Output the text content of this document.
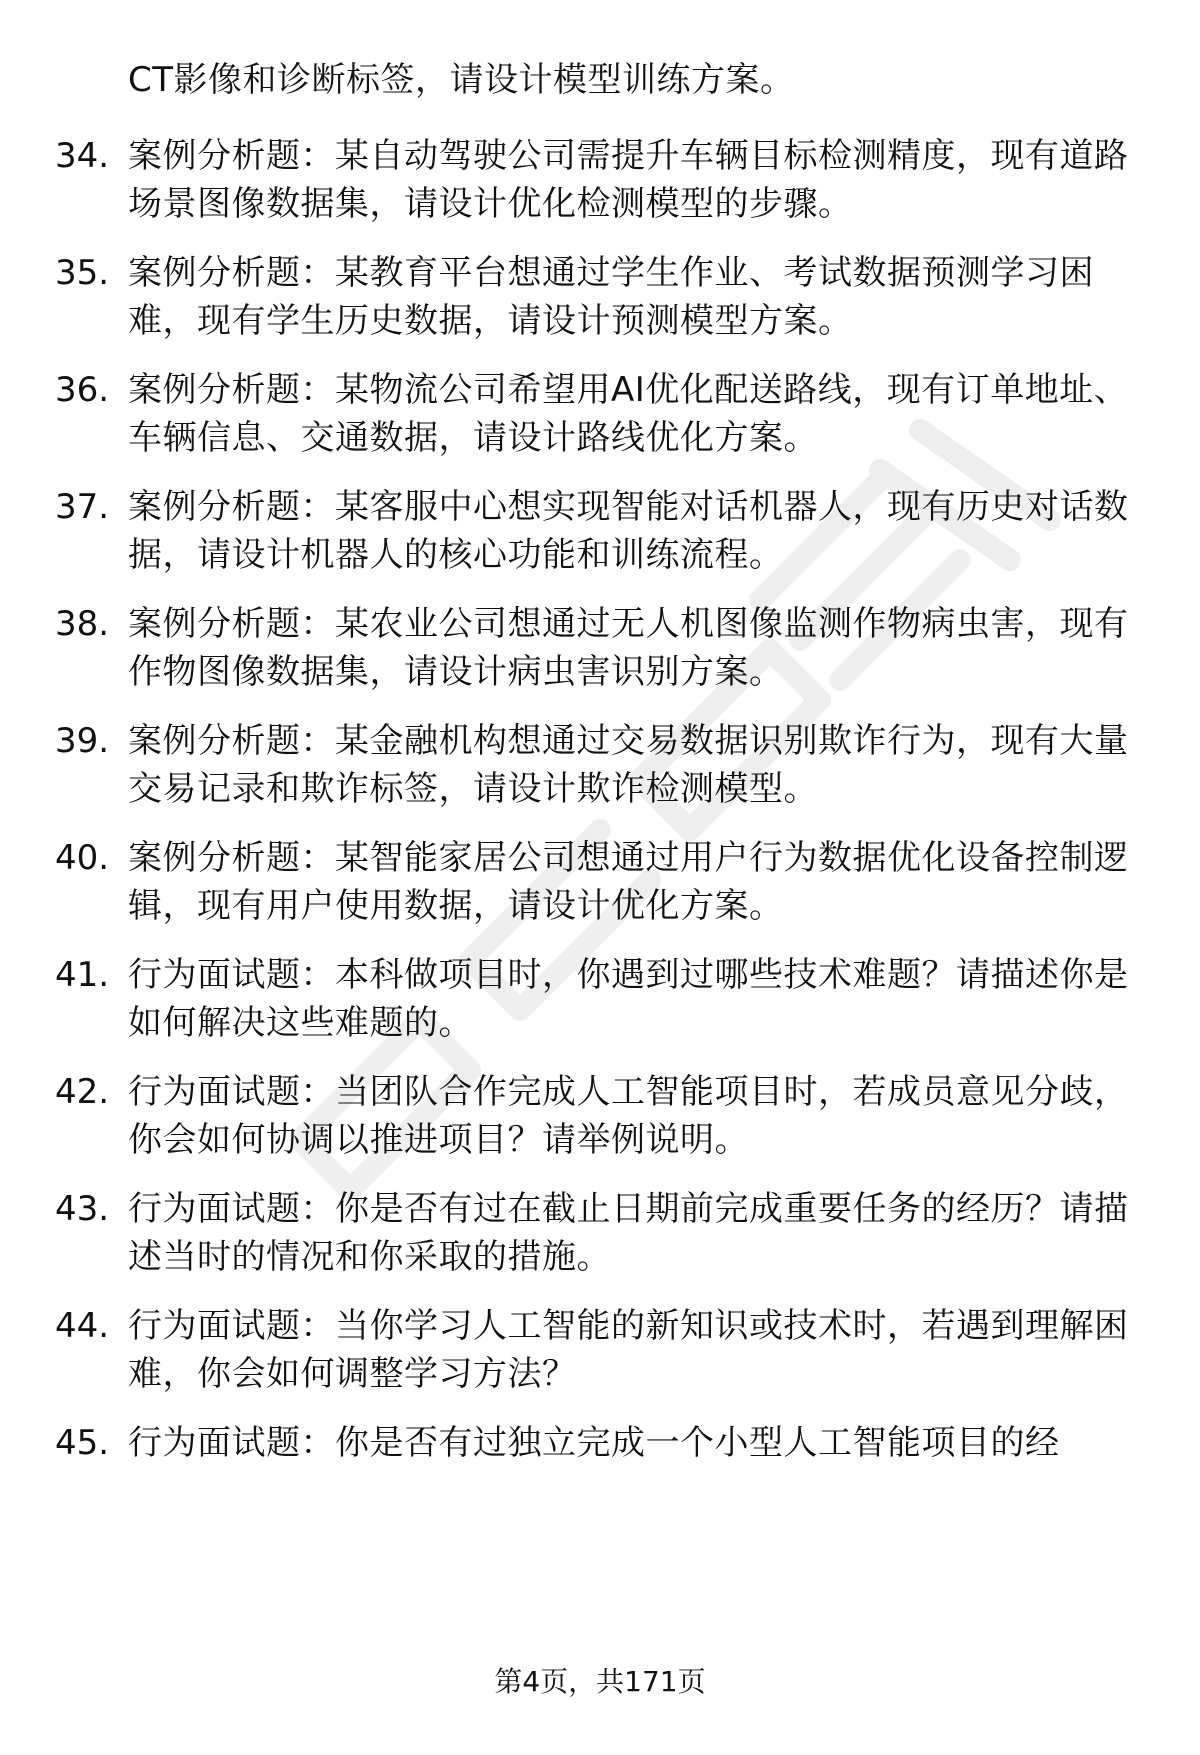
CT影像和诊断标签，请设计模型训练方案。
34. 案例分析题：某自动驾驶公司需提升车辆目标检测精度，现有道路场景图像数据集，请设计优化检测模型的步骤。
35. 案例分析题：某教育平台想通过学生作业、考试数据预测学习困难，现有学生历史数据，请设计预测模型方案。
36. 案例分析题：某物流公司希望用AI优化配送路线，现有订单地址、车辆信息、交通数据，请设计路线优化方案。
37. 案例分析题：某客服中心想实现智能对话机器人，现有历史对话数据，请设计机器人的核心功能和训练流程。
38. 案例分析题：某农业公司想通过无人机图像监测作物病虫害，现有作物图像数据集，请设计病虫害识别方案。
39. 案例分析题：某金融机构想通过交易数据识别欺诈行为，现有大量交易记录和欺诈标签，请设计欺诈检测模型。
40. 案例分析题：某智能家居公司想通过用户行为数据优化设备控制逻辑，现有用户使用数据，请设计优化方案。
41. 行为面试题：本科做项目时，你遇到过哪些技术难题？请描述你是如何解决这些难题的。
42. 行为面试题：当团队合作完成人工智能项目时，若成员意见分歧，你会如何协调以推进项目？请举例说明。
43. 行为面试题：你是否有过在截止日期前完成重要任务的经历？请描述当时的情况和你采取的措施。
44. 行为面试题：当你学习人工智能的新知识或技术时，若遇到理解困难，你会如何调整学习方法？
45. 行为面试题：你是否有过独立完成一个小型人工智能项目的经
第4页，共171页
